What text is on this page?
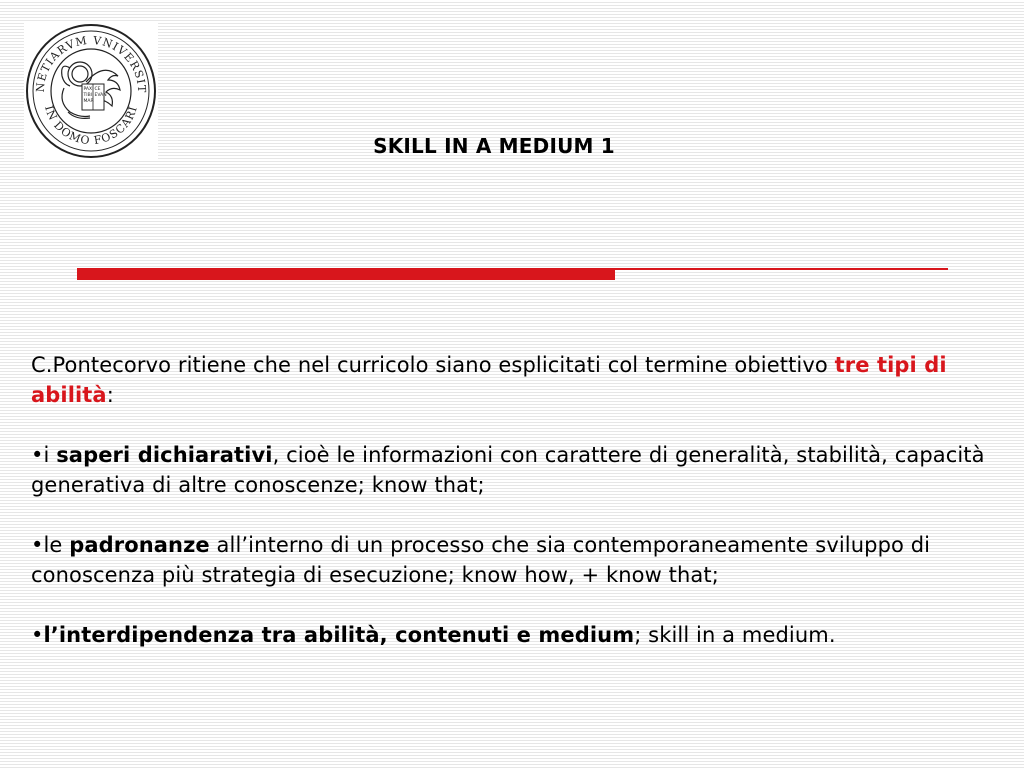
NETIARVM VNIVERSIT
IN DOMO FOSCARI
PAX
TIBI
MAR
CE
EVAN
SKILL IN A MEDIUM 1

C.Pontecorvo ritiene che nel curricolo siano esplicitati col termine obiettivo tre tipi di abilità:

•i saperi dichiarativi, cioè le informazioni con carattere di generalità, stabilità, capacità generativa di altre conoscenze; know that;

•le padronanze all’interno di un processo che sia contemporaneamente sviluppo di conoscenza più strategia di esecuzione; know how, + know that;

•l’interdipendenza tra abilità, contenuti e medium; skill in a medium.
